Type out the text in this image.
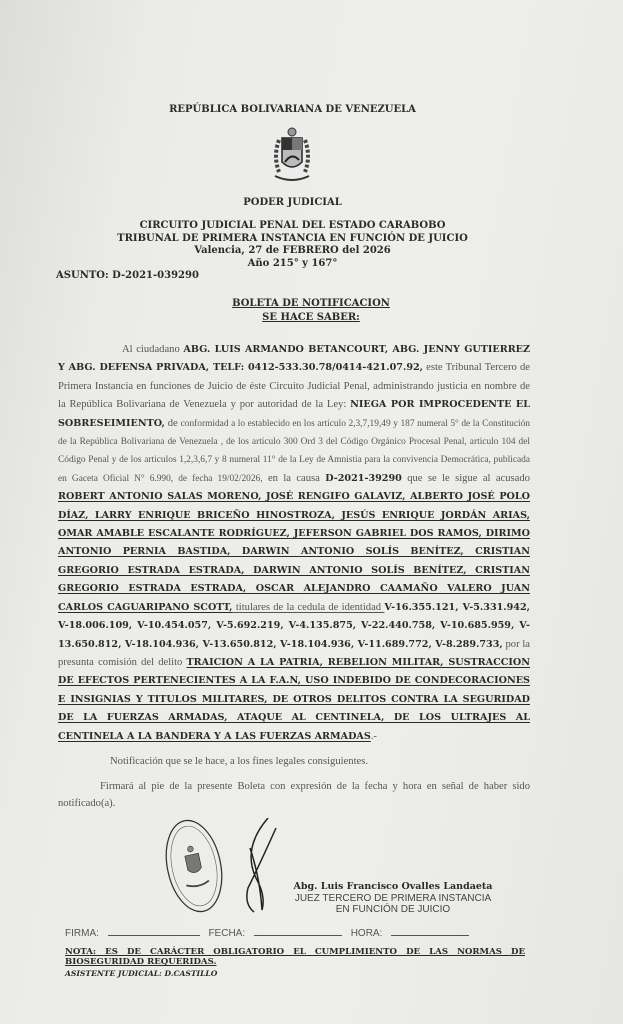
REPÚBLICA BOLIVARIANA DE VENEZUELA
PODER JUDICIAL
CIRCUITO JUDICIAL PENAL DEL ESTADO CARABOBO
TRIBUNAL DE PRIMERA INSTANCIA EN FUNCIÓN DE JUICIO
Valencia, 27 de FEBRERO del 2026
Año 215° y 167°
ASUNTO: D-2021-039290
BOLETA DE NOTIFICACION
SE HACE SABER:
Al ciudadano ABG. LUIS ARMANDO BETANCOURT, ABG. JENNY GUTIERREZ Y ABG. DEFENSA PRIVADA, TELF: 0412-533.30.78/0414-421.07.92, este Tribunal Tercero de Primera Instancia en funciones de Juicio de éste Circuito Judicial Penal, administrando justicia en nombre de la República Bolivariana de Venezuela y por autoridad de la Ley: NIEGA POR IMPROCEDENTE EL SOBRESEIMIENTO, de conformidad a lo establecido en los articulo 2,3,7,19,49 y 187 numeral 5° de la Constitución de la República Bolivariana de Venezuela , de los articulo 300 Ord 3 del Código Orgánico Procesal Penal, articulo 104 del Código Penal y de los articulos 1,2,3,6,7 y 8 numeral 11° de la Ley de Amnistia para la convivencia Democrática, publicada en Gaceta Oficial N° 6.990, de fecha 19/02/2026, en la causa D-2021-39290 que se le sigue al acusado ROBERT ANTONIO SALAS MORENO, JOSÉ RENGIFO GALAVIZ, ALBERTO JOSÉ POLO DÍAZ, LARRY ENRIQUE BRICEÑO HINOSTROZA, JESÚS ENRIQUE JORDÁN ARIAS, OMAR AMABLE ESCALANTE RODRÍGUEZ, JEFERSON GABRIEL DOS RAMOS, DIRIMO ANTONIO PERNIA BASTIDA, DARWIN ANTONIO SOLÍS BENÍTEZ, CRISTIAN GREGORIO ESTRADA ESTRADA, DARWIN ANTONIO SOLÍS BENÍTEZ, CRISTIAN GREGORIO ESTRADA ESTRADA, OSCAR ALEJANDRO CAAMAÑO VALERO JUAN CARLOS CAGUARIPANO SCOTT, titulares de la cedula de identidad V-16.355.121, V-5.331.942, V-18.006.109, V-10.454.057, V-5.692.219, V-4.135.875, V-22.440.758, V-10.685.959, V-13.650.812, V-18.104.936, V-13.650.812, V-18.104.936, V-11.689.772, V-8.289.733, por la presunta comisión del delito TRAICION A LA PATRIA, REBELION MILITAR, SUSTRACCION DE EFECTOS PERTENECIENTES A LA F.A.N, USO INDEBIDO DE CONDECORACIONES E INSIGNIAS Y TITULOS MILITARES, DE OTROS DELITOS CONTRA LA SEGURIDAD DE LA FUERZAS ARMADAS, ATAQUE AL CENTINELA, DE LOS ULTRAJES AL CENTINELA A LA BANDERA Y A LAS FUERZAS ARMADAS.-
Notificación que se le hace, a los fines legales consiguientes.
Firmará al pie de la presente Boleta con expresión de la fecha y hora en señal de haber sido notificado(a).
Abg. Luis Francisco Ovalles Landaeta
JUEZ TERCERO DE PRIMERA INSTANCIA
EN FUNCIÓN DE JUICIO
FIRMA:	FECHA:	HORA:
NOTA: ES DE CARÁCTER OBLIGATORIO EL CUMPLIMIENTO DE LAS NORMAS DE BIOSEGURIDAD REQUERIDAS.
ASISTENTE JUDICIAL: D.CASTILLO
